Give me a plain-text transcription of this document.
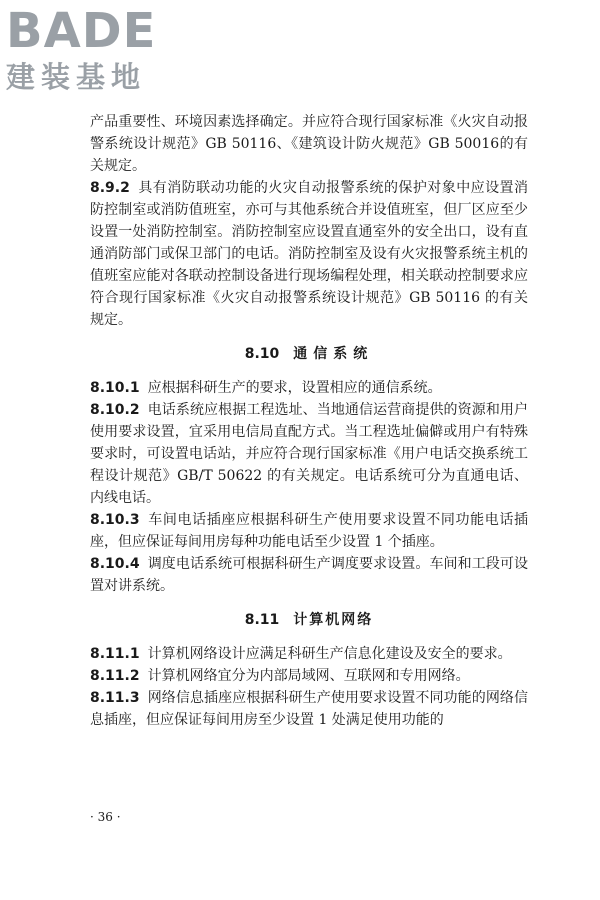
BADE
建装基地

产品重要性、环境因素选择确定。并应符合现行国家标准《火灾自动报警系统设计规范》GB 50116、《建筑设计防火规范》GB 50016的有关规定。

8.9.2 具有消防联动功能的火灾自动报警系统的保护对象中应设置消防控制室或消防值班室，亦可与其他系统合并设值班室，但厂区应至少设置一处消防控制室。消防控制室应设置直通室外的安全出口，设有直通消防部门或保卫部门的电话。消防控制室及设有火灾报警系统主机的值班室应能对各联动控制设备进行现场编程处理，相关联动控制要求应符合现行国家标准《火灾自动报警系统设计规范》GB 50116 的有关规定。

8.10 通信系统

8.10.1 应根据科研生产的要求，设置相应的通信系统。

8.10.2 电话系统应根据工程选址、当地通信运营商提供的资源和用户使用要求设置，宜采用电信局直配方式。当工程选址偏僻或用户有特殊要求时，可设置电话站，并应符合现行国家标准《用户电话交换系统工程设计规范》GB/T 50622 的有关规定。电话系统可分为直通电话、内线电话。

8.10.3 车间电话插座应根据科研生产使用要求设置不同功能电话插座，但应保证每间用房每种功能电话至少设置 1 个插座。

8.10.4 调度电话系统可根据科研生产调度要求设置。车间和工段可设置对讲系统。

8.11 计算机网络

8.11.1 计算机网络设计应满足科研生产信息化建设及安全的要求。

8.11.2 计算机网络宜分为内部局域网、互联网和专用网络。

8.11.3 网络信息插座应根据科研生产使用要求设置不同功能的网络信息插座，但应保证每间用房至少设置 1 处满足使用功能的

· 36 ·
